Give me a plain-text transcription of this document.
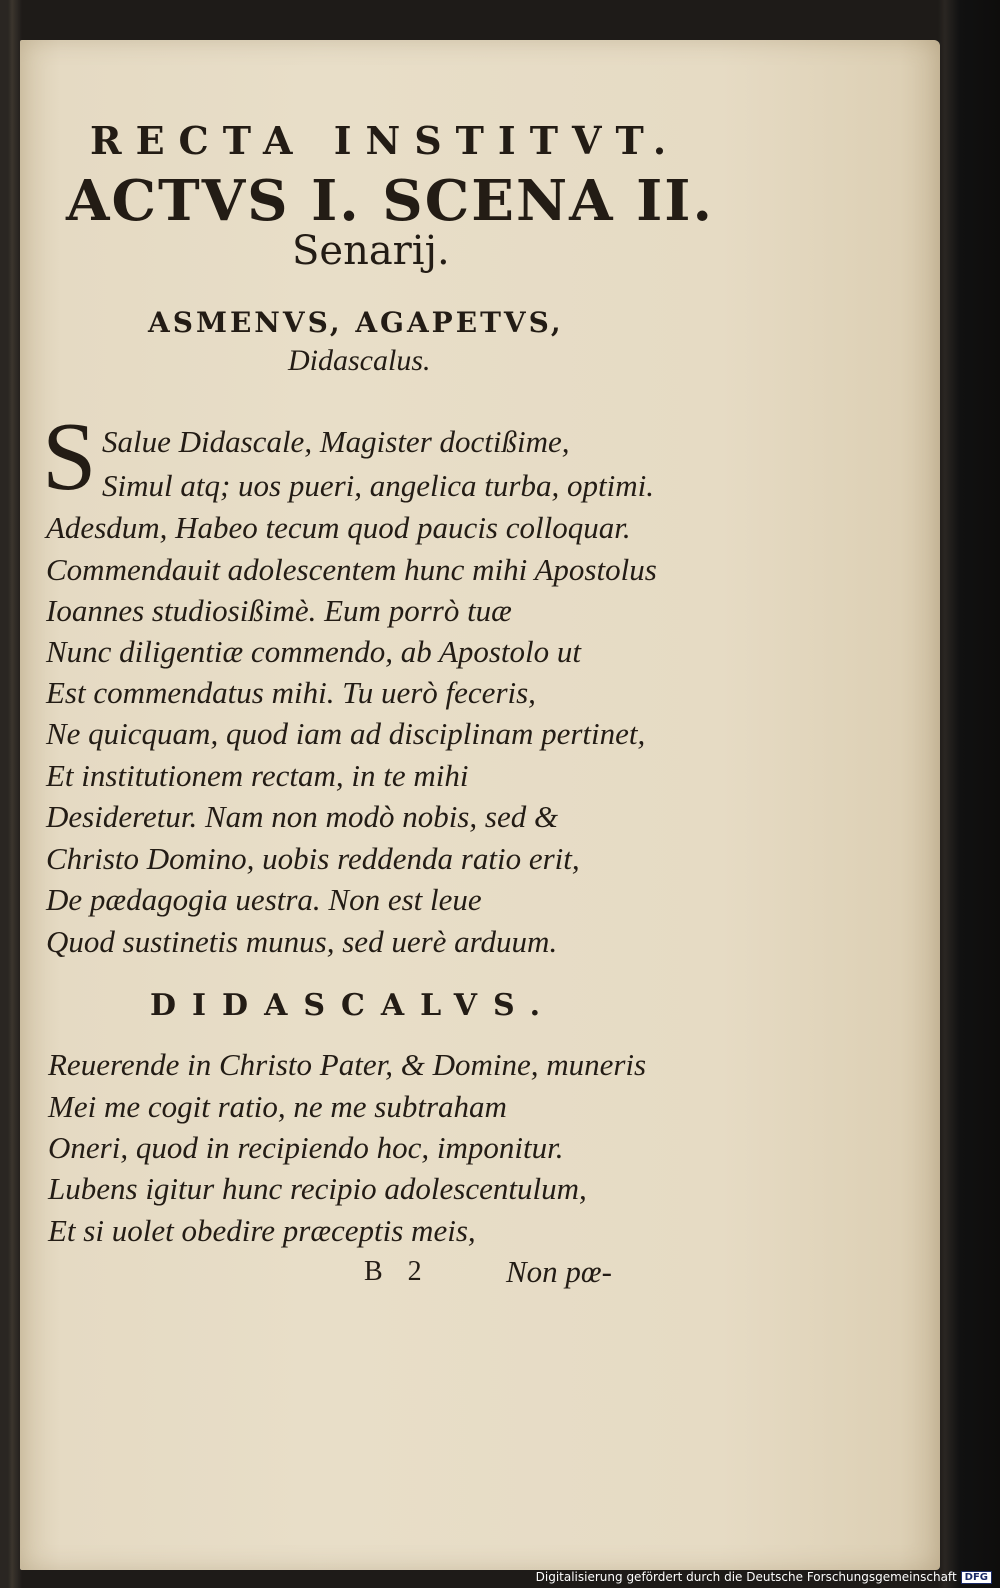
RECTA INSTITVT.
ACTVS I. SCENA II.
Senarij.
ASMENVS, AGAPETVS,
Didascalus.
S Salue Didascale, Magister doctißime,
Simul atq; uos pueri, angelica turba, optimi.
Adesdum, Habeo tecum quod paucis colloquar.
Commendauit adolescentem hunc mihi Apostolus
Ioannes studiosißimè. Eum porrò tuæ
Nunc diligentiæ commendo, ab Apostolo ut
Est commendatus mihi. Tu uerò feceris,
Ne quicquam, quod iam ad disciplinam pertinet,
Et institutionem rectam, in te mihi
Desideretur. Nam non modò nobis, sed &
Christo Domino, uobis reddenda ratio erit,
De pædagogia uestra. Non est leue
Quod sustinetis munus, sed uerè arduum.
DIDASCALVS.
Reuerende in Christo Pater, & Domine, muneris
Mei me cogit ratio, ne me subtraham
Oneri, quod in recipiendo hoc, imponitur.
Lubens igitur hunc recipio adolescentulum,
Et si uolet obedire præceptis meis,
B 2	Non pœ-
Digitalisierung gefördert durch die Deutsche Forschungsgemeinschaft DFG
